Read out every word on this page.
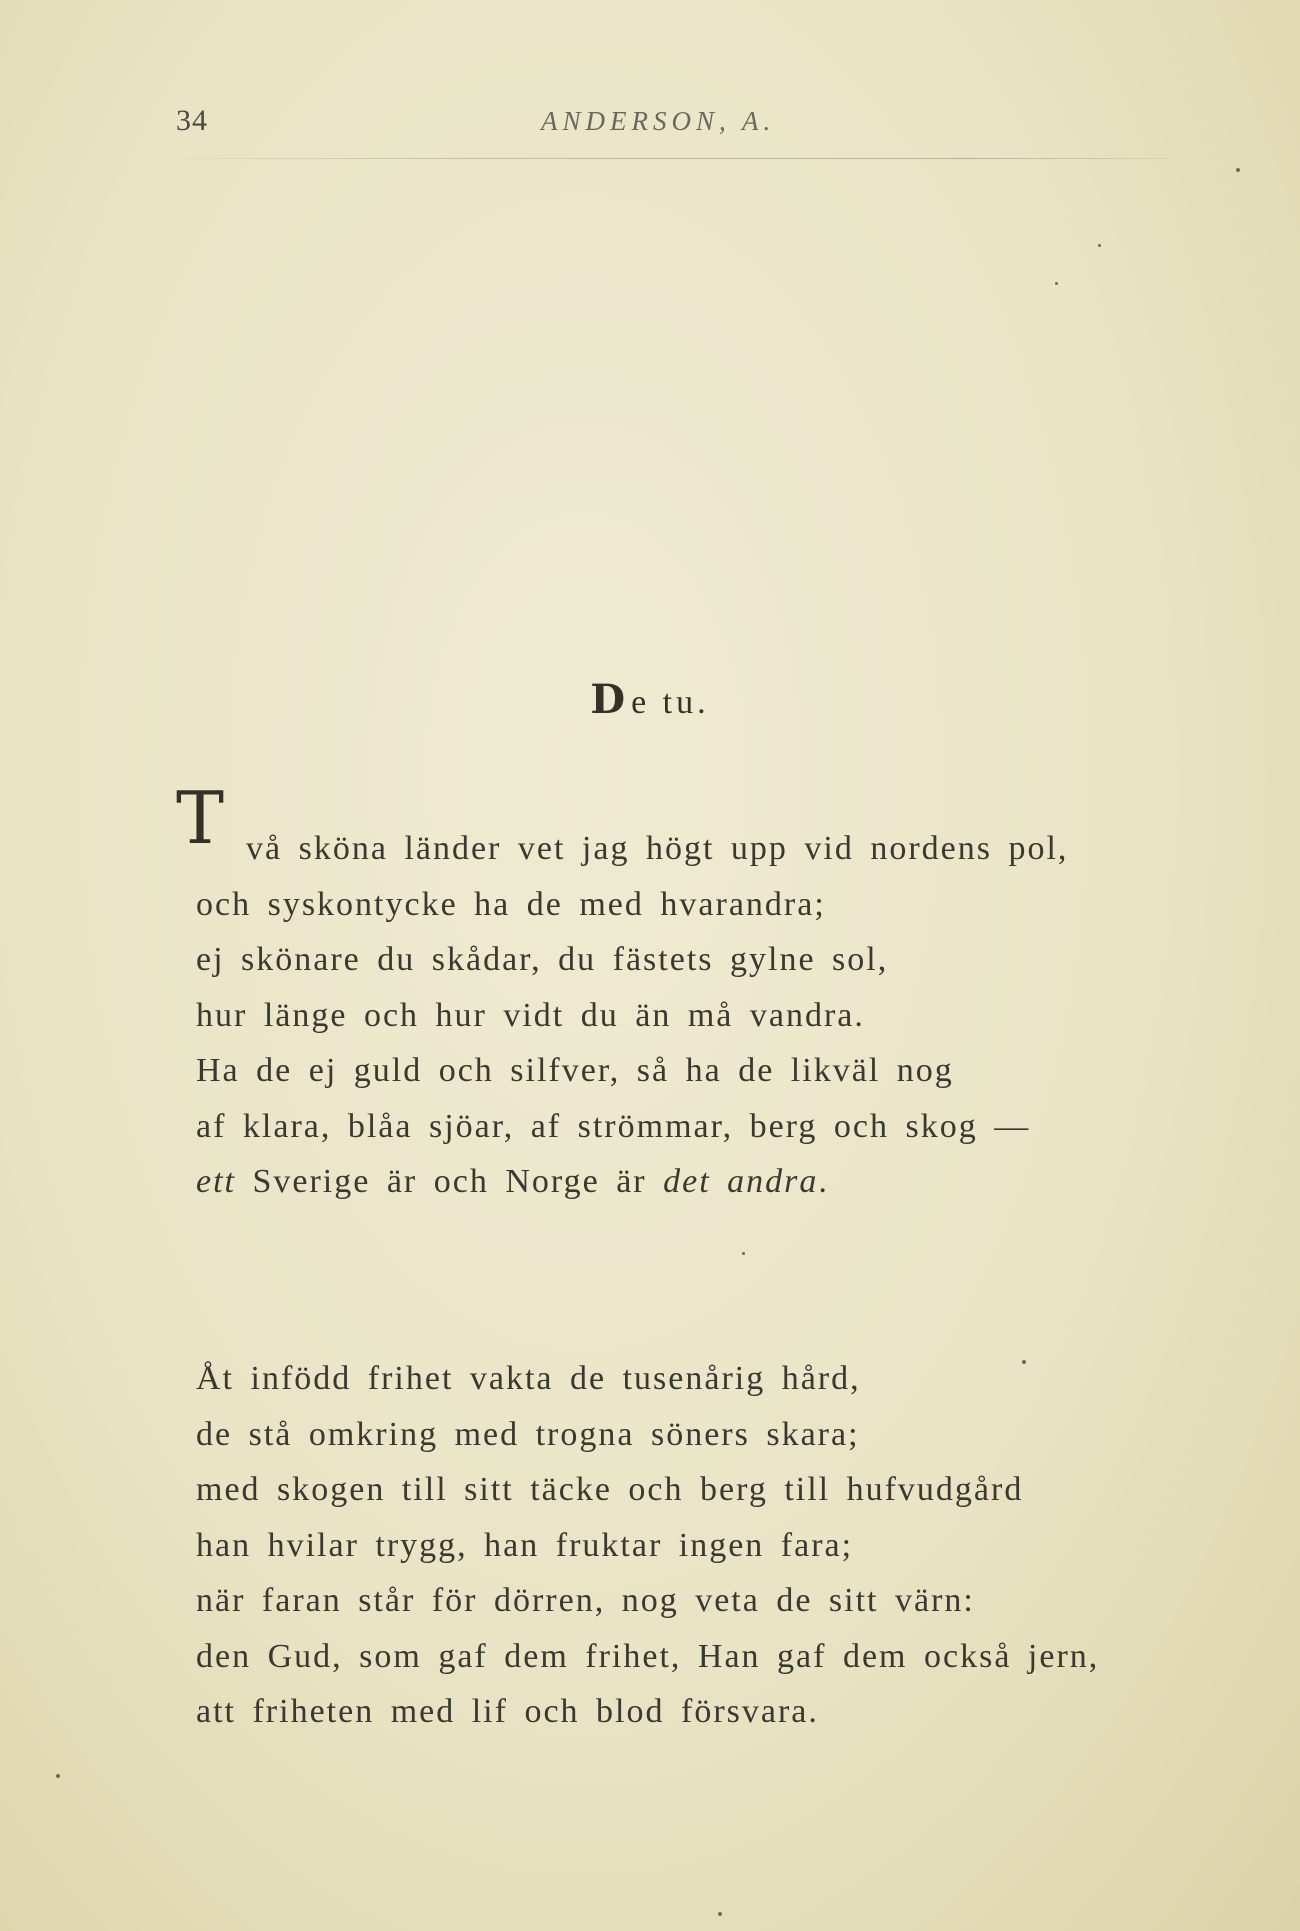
34	ANDERSON, A.
De tu.
T vå sköna länder vet jag högt upp vid nordens pol,
och syskontycke ha de med hvarandra;
ej skönare du skådar, du fästets gylne sol,
hur länge och hur vidt du än må vandra.
Ha de ej guld och silfver, så ha de likväl nog
af klara, blåa sjöar, af strömmar, berg och skog —
ett Sverige är och Norge är det andra.
Åt infödd frihet vakta de tusenårig hård,
de stå omkring med trogna söners skara;
med skogen till sitt täcke och berg till hufvudgård
han hvilar trygg, han fruktar ingen fara;
när faran står för dörren, nog veta de sitt värn:
den Gud, som gaf dem frihet, Han gaf dem också jern,
att friheten med lif och blod försvara.
